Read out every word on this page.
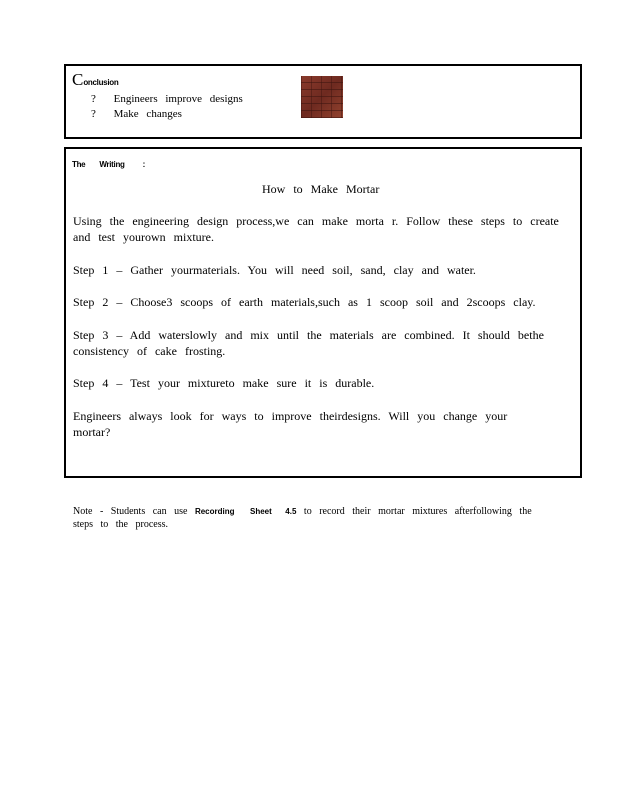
Conclusion
? Engineers improve designs
? Make changes
The Writing :
How to Make Mortar
Using the engineering design process,we can make morta r. Follow these steps to create and test yourown mixture.
Step 1 – Gather yourmaterials. You will need soil, sand, clay and water.
Step 2 – Choose3 scoops of earth materials,such as 1 scoop soil and 2scoops clay.
Step 3 – Add waterslowly and mix until the materials are combined. It should bethe consistency of cake frosting.
Step 4 – Test your mixtureto make sure it is durable.
Engineers always look for ways to improve theirdesigns. Will you change your mortar?
Note - Students can use Recording Sheet 4.5 to record their mortar mixtures afterfollowing the steps to the process.
